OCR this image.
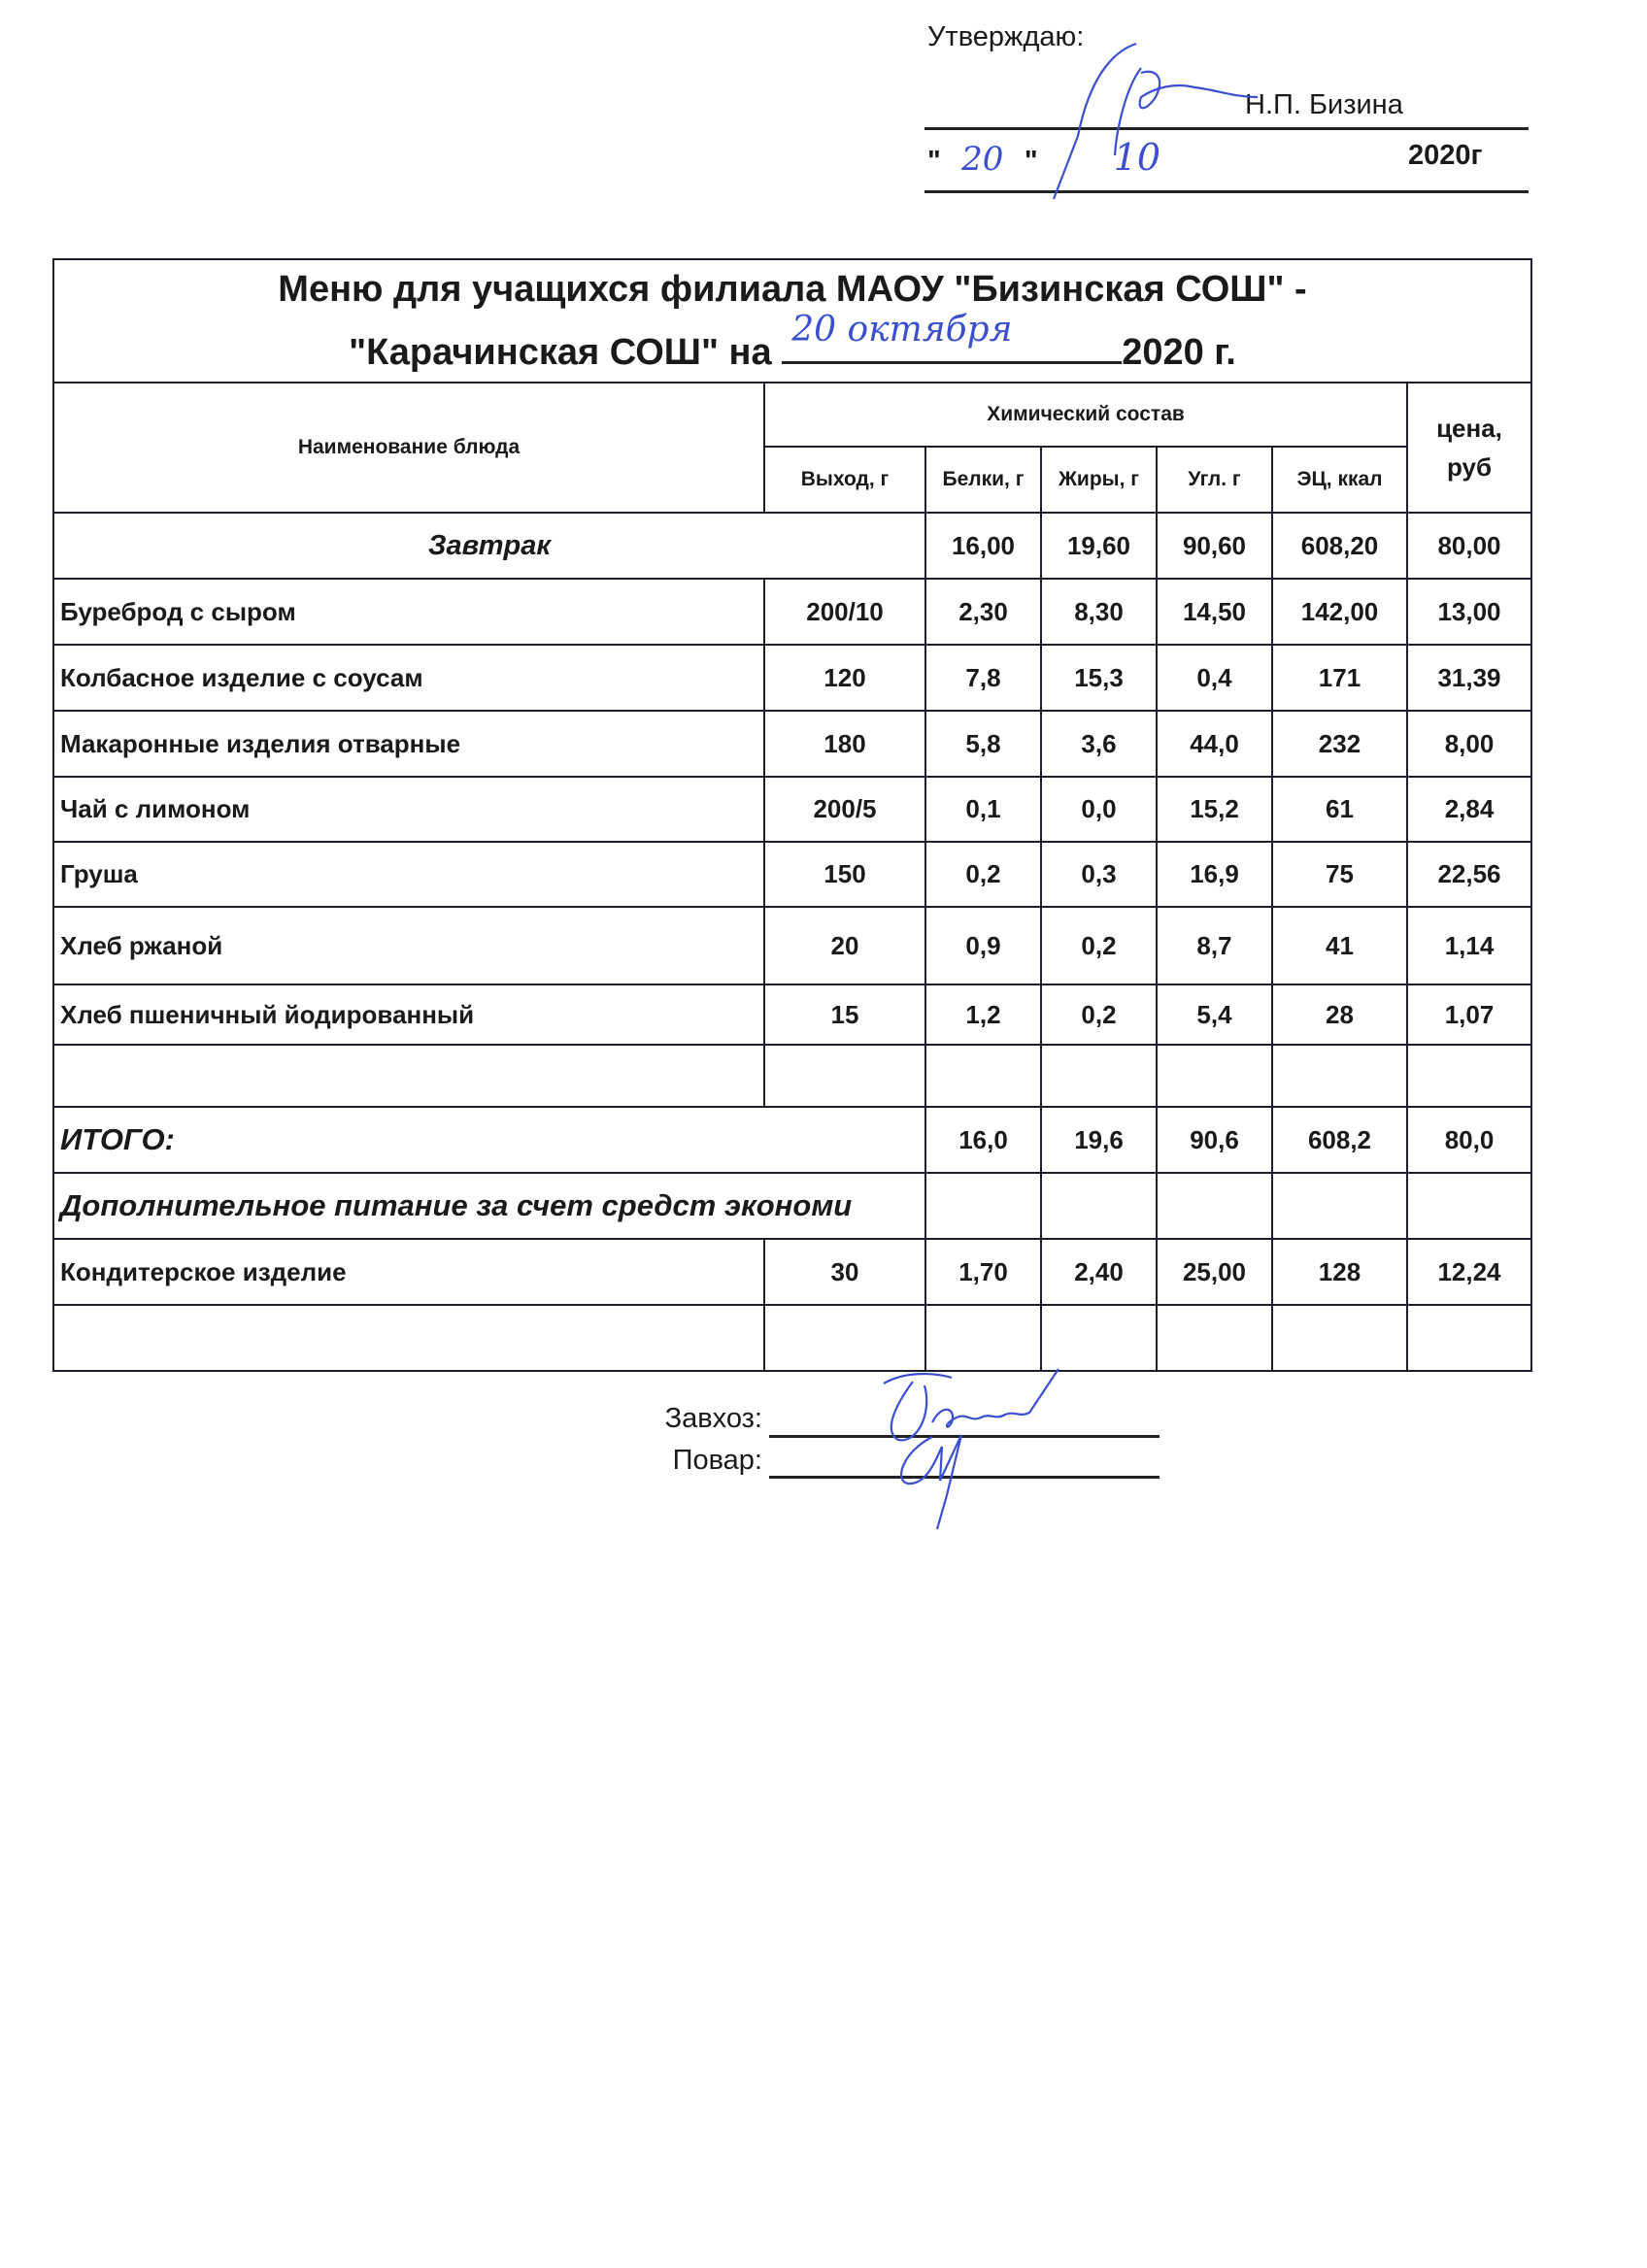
Утверждаю:
Н.П. Бизина
" 20 " 10	2020г
Меню для учащихся филиала МАОУ "Бизинская СОШ" -
"Карачинская СОШ" на
20 октября
2020 г.						

Наименование блюда	Химический состав					цена,
руб

	Выход, г	Белки, г	Жиры, г	Угл. г	ЭЦ, ккал	
Завтрак		16,00	19,60	90,60	608,20	80,00
Буреброд с сыром	200/10	2,30	8,30	14,50	142,00	13,00
Колбасное изделие с соусам	120	7,8	15,3	0,4	171	31,39
Макаронные изделия отварные	180	5,8	3,6	44,0	232	8,00
Чай с лимоном	200/5	0,1	0,0	15,2	61	2,84
Груша	150	0,2	0,3	16,9	75	22,56
Хлеб ржаной	20	0,9	0,2	8,7	41	1,14
Хлеб пшеничный йодированный	15	1,2	0,2	5,4	28	1,07

ИТОГО:		16,0	19,6	90,6	608,2	80,0
Дополнительное питание за счет средст экономи						
Кондитерское изделие	30	1,70	2,40	25,00	128	12,24

Завхоз:
Повар:
